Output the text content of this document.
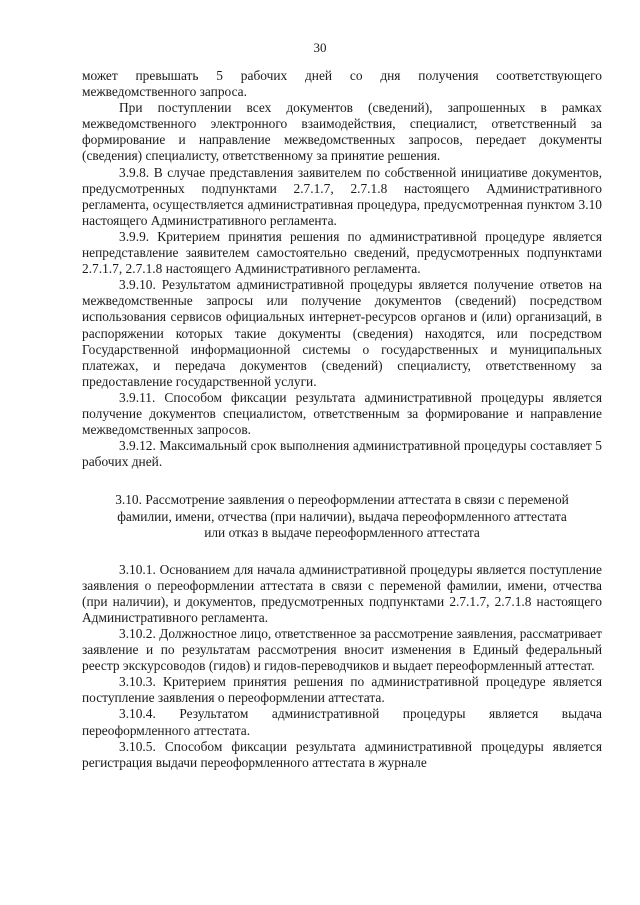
30

может превышать 5 рабочих дней со дня получения соответствующего межведомственного запроса.

При поступлении всех документов (сведений), запрошенных в рамках межведомственного электронного взаимодействия, специалист, ответственный за формирование и направление межведомственных запросов, передает документы (сведения) специалисту, ответственному за принятие решения.

3.9.8. В случае представления заявителем по собственной инициативе документов, предусмотренных подпунктами 2.7.1.7, 2.7.1.8 настоящего Административного регламента, осуществляется административная процедура, предусмотренная пунктом 3.10 настоящего Административного регламента.

3.9.9. Критерием принятия решения по административной процедуре является непредставление заявителем самостоятельно сведений, предусмотренных подпунктами 2.7.1.7, 2.7.1.8 настоящего Административного регламента.

3.9.10. Результатом административной процедуры является получение ответов на межведомственные запросы или получение документов (сведений) посредством использования сервисов официальных интернет-ресурсов органов и (или) организаций, в распоряжении которых такие документы (сведения) находятся, или посредством Государственной информационной системы о государственных и муниципальных платежах, и передача документов (сведений) специалисту, ответственному за предоставление государственной услуги.

3.9.11. Способом фиксации результата административной процедуры является получение документов специалистом, ответственным за формирование и направление межведомственных запросов.

3.9.12. Максимальный срок выполнения административной процедуры составляет 5 рабочих дней.

3.10. Рассмотрение заявления о переоформлении аттестата в связи с переменой
фамилии, имени, отчества (при наличии), выдача переоформленного аттестата
или отказ в выдаче переоформленного аттестата

3.10.1. Основанием для начала административной процедуры является поступление заявления о переоформлении аттестата в связи с переменой фамилии, имени, отчества (при наличии), и документов, предусмотренных подпунктами 2.7.1.7, 2.7.1.8 настоящего Административного регламента.

3.10.2. Должностное лицо, ответственное за рассмотрение заявления, рассматривает заявление и по результатам рассмотрения вносит изменения в Единый федеральный реестр экскурсоводов (гидов) и гидов-переводчиков и выдает переоформленный аттестат.

3.10.3. Критерием принятия решения по административной процедуре является поступление заявления о переоформлении аттестата.

3.10.4. Результатом административной процедуры является выдача переоформленного аттестата.

3.10.5. Способом фиксации результата административной процедуры является регистрация выдачи переоформленного аттестата в журнале
